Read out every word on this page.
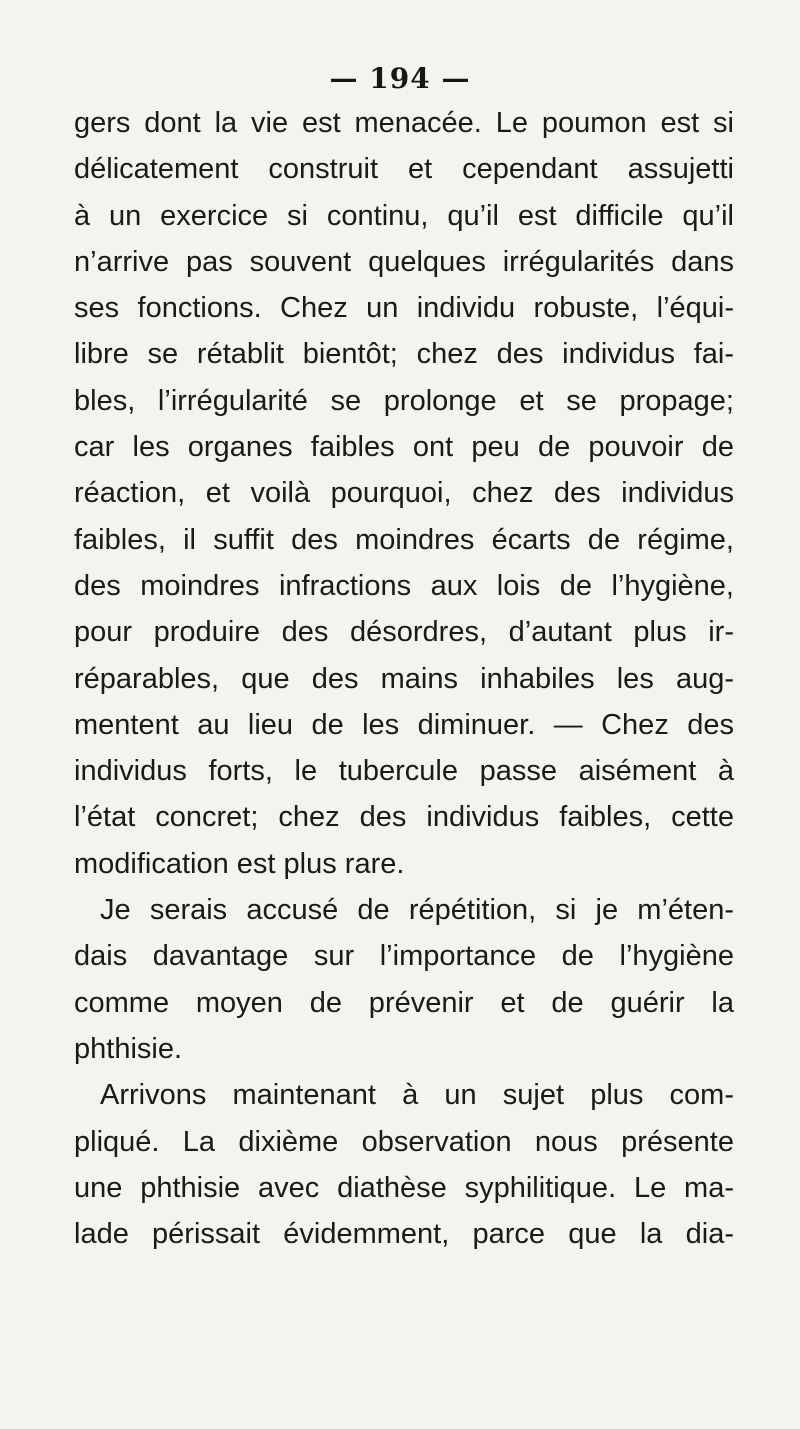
— 194 —
gers dont la vie est menacée. Le poumon est si
délicatement construit et cependant assujetti
à un exercice si continu, qu’il est difficile qu’il
n’arrive pas souvent quelques irrégularités dans
ses fonctions. Chez un individu robuste, l’équi-
libre se rétablit bientôt; chez des individus fai-
bles, l’irrégularité se prolonge et se propage;
car les organes faibles ont peu de pouvoir de
réaction, et voilà pourquoi, chez des individus
faibles, il suffit des moindres écarts de régime,
des moindres infractions aux lois de l’hygiène,
pour produire des désordres, d’autant plus ir-
réparables, que des mains inhabiles les aug-
mentent au lieu de les diminuer. — Chez des
individus forts, le tubercule passe aisément à
l’état concret; chez des individus faibles, cette
modification est plus rare.
Je serais accusé de répétition, si je m’éten-
dais davantage sur l’importance de l’hygiène
comme moyen de prévenir et de guérir la
phthisie.
Arrivons maintenant à un sujet plus com-
pliqué. La dixième observation nous présente
une phthisie avec diathèse syphilitique. Le ma-
lade périssait évidemment, parce que la dia-
